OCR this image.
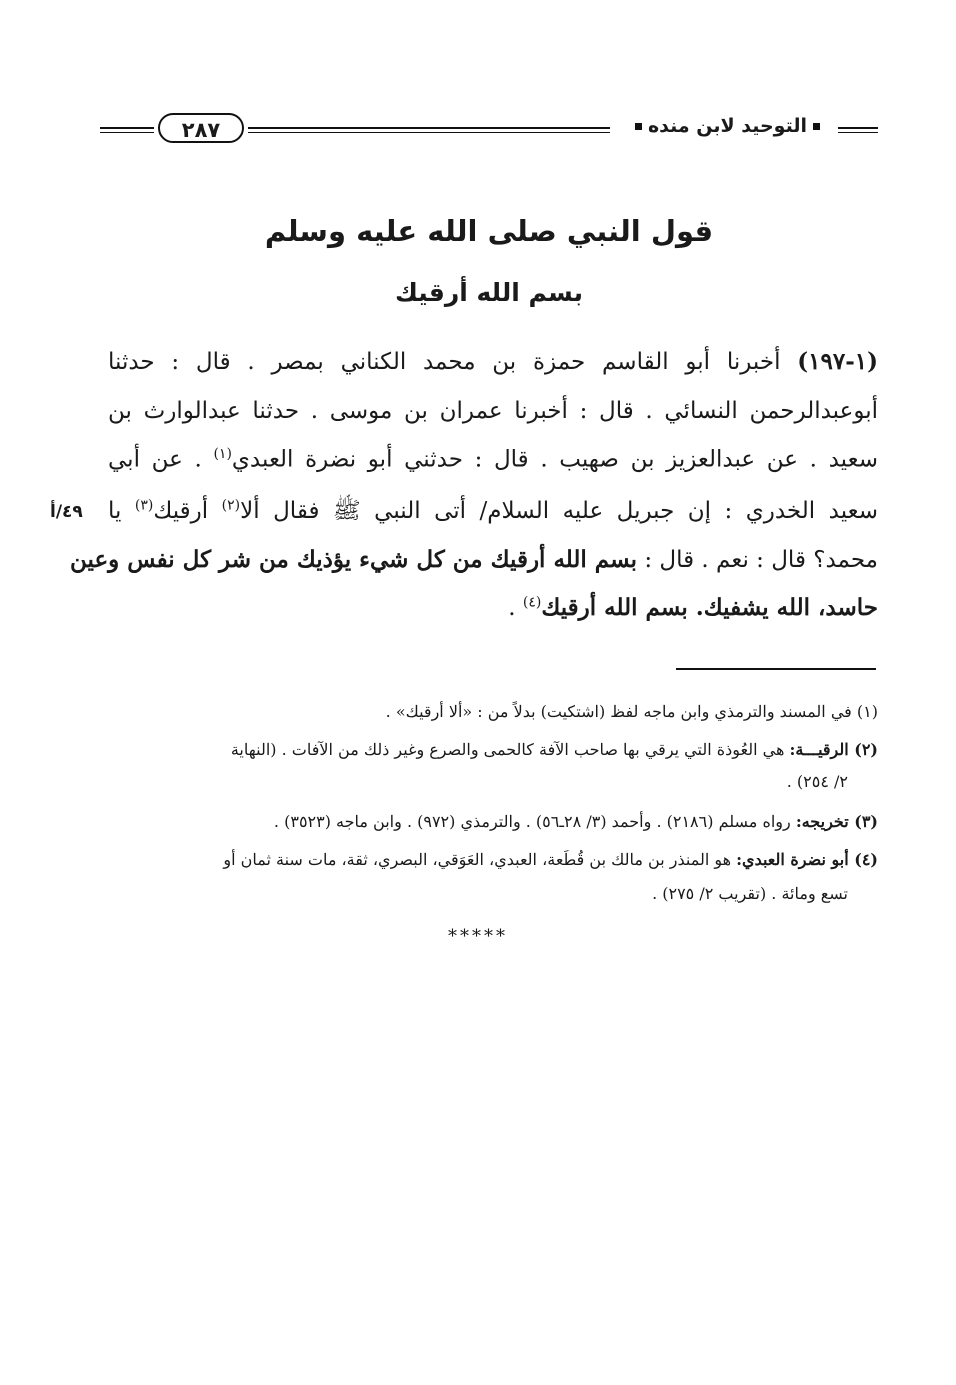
التوحيد لابن منده
٢٨٧
قول النبي صلى الله عليه وسلم
بسم الله أرقيك
(١-١٩٧) أخبرنا أبو القاسم حمزة بن محمد الكناني بمصر . قال : حدثنا
أبوعبدالرحمن النسائي . قال : أخبرنا عمران بن موسى . حدثنا عبدالوارث بن
سعيد . عن عبدالعزيز بن صهيب . قال : حدثني أبو نضرة العبدي$^{(١)}$ . عن أبي
سعيد الخدري : إن جبريل عليه السلام/ أتى النبي ﷺ فقال ألا$^{(٢)}$ أرقيك$^{(٣)}$ يا
محمد؟ قال : نعم . قال : بسم الله أرقيك من كل شيء يؤذيك من شر كل نفس وعين
حاسد، الله يشفيك. بسم الله أرقيك$^{(٤)}$ .
٤٩/أ
(١) في المسند والترمذي وابن ماجه لفظ (اشتكيت) بدلاً من : «ألا أرقيك» .
(٢) الرقيـــة: هي العُوذة التي يرقي بها صاحب الآفة كالحمى والصرع وغير ذلك من الآفات . (النهاية
٢/ ٢٥٤) .
(٣) تخريجه: رواه مسلم (٢١٨٦) . وأحمد (٣/ ٢٨ـ٥٦) . والترمذي (٩٧٢) . وابن ماجه (٣٥٢٣) .
(٤) أبو نضرة العبدي: هو المنذر بن مالك بن قُطَعة، العبدي، العَوَقي، البصري، ثقة، مات سنة ثمان أو
تسع ومائة . (تقريب ٢/ ٢٧٥) .
*****
